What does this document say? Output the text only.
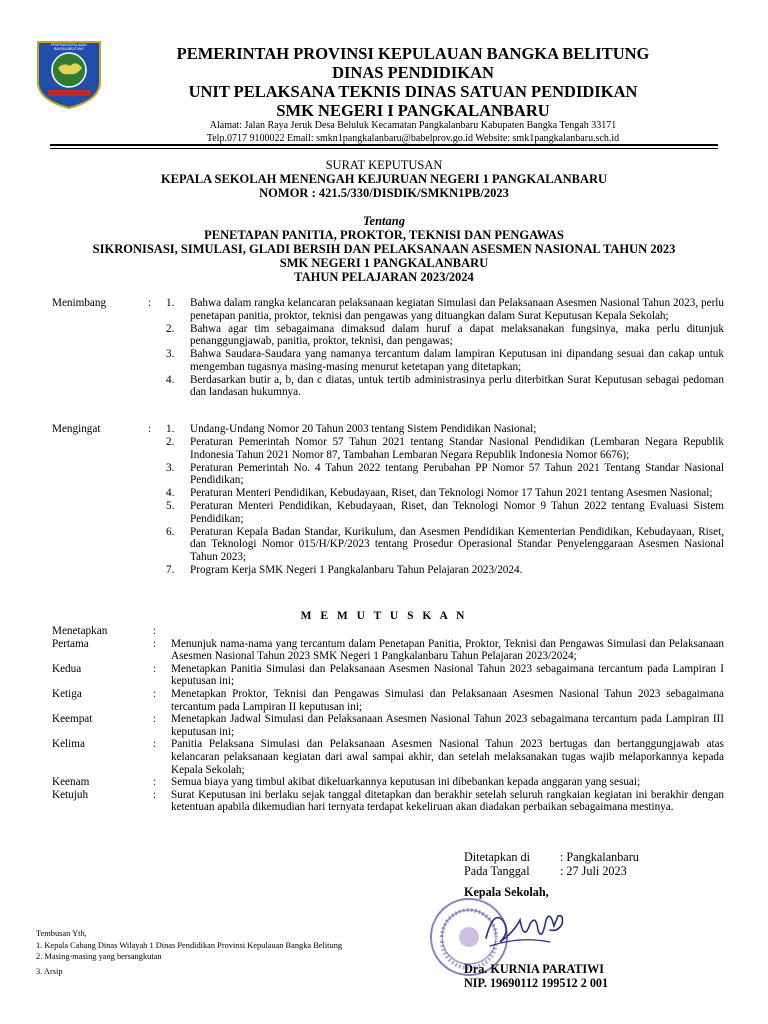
PROPINSI KEPULAUAN BANGKA BELITUNG	PEMERINTAH PROVINSI KEPULAUAN BANGKA BELITUNG
DINAS PENDIDIKAN
UNIT PELAKSANA TEKNIS DINAS SATUAN PENDIDIKAN
SMK NEGERI I PANGKALANBARU
Alamat: Jalan Raya Jeruk Desa Beluluk Kecamatan Pangkalanbaru Kabupaten Bangka Tengah 33171
Telp.0717 9100022 Email: smkn1pangkalanbaru@babelprov.go.id Website: smk1pangkalanbaru.sch.id
SURAT KEPUTUSAN
KEPALA SEKOLAH MENENGAH KEJURUAN NEGERI 1 PANGKALANBARU
NOMOR : 421.5/330/DISDIK/SMKN1PB/2023
Tentang
PENETAPAN PANITIA, PROKTOR, TEKNISI DAN PENGAWAS
SIKRONISASI, SIMULASI, GLADI BERSIH DAN PELAKSANAAN ASESMEN NASIONAL TAHUN 2023
SMK NEGERI 1 PANGKALANBARU
TAHUN PELAJARAN 2023/2024
Menimbang	:	1.	Bahwa dalam rangka kelancaran pelaksanaan kegiatan Simulasi dan Pelaksanaan Asesmen Nasional Tahun 2023, perlu penetapan panitia, proktor, teknisi dan pengawas yang dituangkan dalam Surat Keputusan Kepala Sekolah;
2.	Bahwa agar tim sebagaimana dimaksud dalam huruf a dapat melaksanakan fungsinya, maka perlu ditunjuk penanggungjawab, panitia, proktor, teknisi, dan pengawas;
3.	Bahwa Saudara-Saudara yang namanya tercantum dalam lampiran Keputusan ini dipandang sesuai dan cakap untuk mengemban tugasnya masing-masing menurut ketetapan yang ditetapkan;
4.	Berdasarkan butir a, b, dan c diatas, untuk tertib administrasinya perlu diterbitkan Surat Keputusan sebagai pedoman dan landasan hukumnya.
Mengingat	:	1.	Undang-Undang Nomor 20 Tahun 2003 tentang Sistem Pendidikan Nasional;
2.	Peraturan Pemerintah Nomor 57 Tahun 2021 tentang Standar Nasional Pendidikan (Lembaran Negara Republik Indonesia Tahun 2021 Nomor 87, Tambahan Lembaran Negara Republik Indonesia Nomor 6676);
3.	Peraturan Pemerintah No. 4 Tahun 2022 tentang Perubahan PP Nomor 57 Tahun 2021 Tentang Standar Nasional Pendidikan;
4.	Peraturan Menteri Pendidikan, Kebudayaan, Riset, dan Teknologi Nomor 17 Tahun 2021 tentang Asesmen Nasional;
5.	Peraturan Menteri Pendidikan, Kebudayaan, Riset, dan Teknologi Nomor 9 Tahun 2022 tentang Evaluasi Sistem Pendidikan;
6.	Peraturan Kepala Badan Standar, Kurikulum, dan Asesmen Pendidikan Kementerian Pendidikan, Kebudayaan, Riset, dan Teknologi Nomor 015/H/KP/2023 tentang Prosedur Operasional Standar Penyelenggaraan Asesmen Nasional Tahun 2023;
7.	Program Kerja SMK Negeri 1 Pangkalanbaru Tahun Pelajaran 2023/2024.
M E M U T U S K A N
Menetapkan	:
Pertama	:	Menunjuk nama-nama yang tercantum dalam Penetapan Panitia, Proktor, Teknisi dan Pengawas Simulasi dan Pelaksanaan Asesmen Nasional Tahun 2023 SMK Negeri 1 Pangkalanbaru Tahun Pelajaran 2023/2024;
Kedua	:	Menetapkan Panitia Simulasi dan Pelaksanaan Asesmen Nasional Tahun 2023 sebagaimana tercantum pada Lampiran I keputusan ini;
Ketiga	:	Menetapkan Proktor, Teknisi dan Pengawas Simulasi dan Pelaksanaan Asesmen Nasional Tahun 2023 sebagaimana tercantum pada Lampiran II keputusan ini;
Keempat	:	Menetapkan Jadwal Simulasi dan Pelaksanaan Asesmen Nasional Tahun 2023 sebagaimana tercantum pada Lampiran III keputusan ini;
Kelima	:	Panitia Pelaksana Simulasi dan Pelaksanaan Asesmen Nasional Tahun 2023 bertugas dan bertanggungjawab atas kelancaran pelaksanaan kegiatan dari awal sampai akhir, dan setelah melaksanakan tugas wajib melaporkannya kepada Kepala Sekolah;
Keenam	:	Semua biaya yang timbul akibat dikeluarkannya keputusan ini dibebankan kepada anggaran yang sesuai;
Ketujuh	:	Surat Keputusan ini berlaku sejak tanggal ditetapkan dan berakhir setelah seluruh rangkaian kegiatan ini berakhir dengan ketentuan apabila dikemudian hari ternyata terdapat kekeliruan akan diadakan perbaikan sebagaimana mestinya.
Ditetapkan di : Pangkalanbaru
Pada Tanggal : 27 Juli 2023
Kepala Sekolah,
Dra. KURNIA PARATIWI
NIP. 19690112 199512 2 001
Tembusan Yth,
1. Kepala Cabang Dinas Wilayah 1 Dinas Pendidikan Provinsi Kepulauan Bangka Belitung
2. Masing-masing yang bersangkutan
3. Arsip
